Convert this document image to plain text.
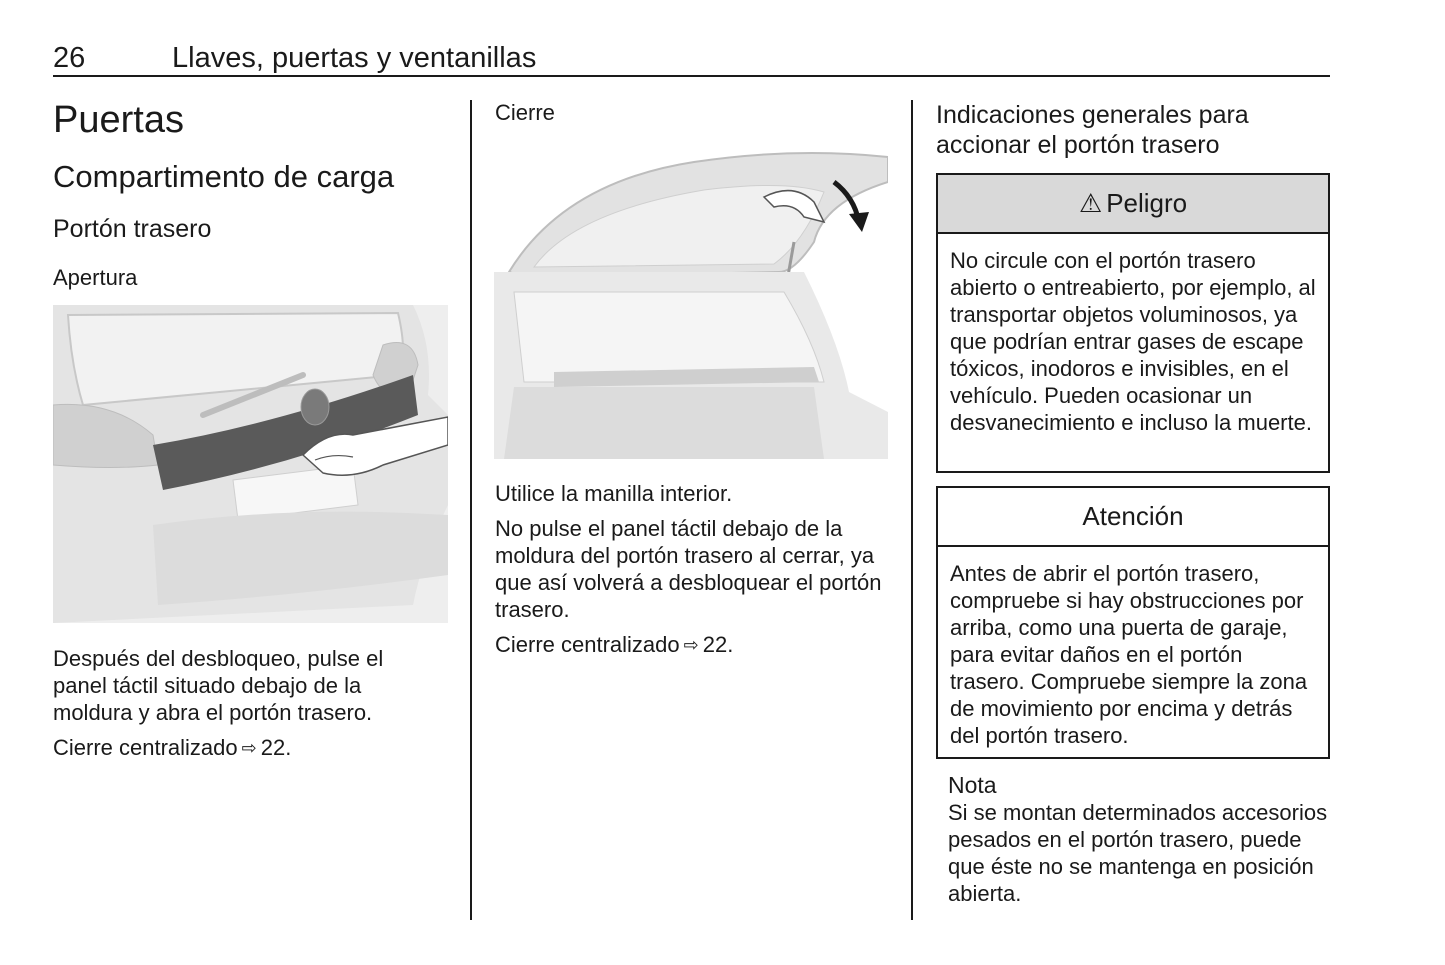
26	Llaves, puertas y ventanillas
Puertas
Compartimento de carga
Portón trasero
Apertura

Después del desbloqueo, pulse el panel táctil situado debajo de la moldura y abra el portón trasero.

Cierre centralizado ⇨ 22.

Cierre

Utilice la manilla interior.

No pulse el panel táctil debajo de la moldura del portón trasero al cerrar, ya que así volverá a desbloquear el portón trasero.

Cierre centralizado ⇨ 22.

Indicaciones generales para accionar el portón trasero
⚠ Peligro
No circule con el portón trasero abierto o entreabierto, por ejemplo, al transportar objetos voluminosos, ya que podrían entrar gases de escape tóxicos, inodoros e invisibles, en el vehículo. Pueden ocasionar un desvanecimiento e incluso la muerte.
Atención
Antes de abrir el portón trasero, compruebe si hay obstrucciones por arriba, como una puerta de garaje, para evitar daños en el portón trasero. Compruebe siempre la zona de movimiento por encima y detrás del portón trasero.
Nota
Si se montan determinados accesorios pesados en el portón trasero, puede que éste no se mantenga en posición abierta.
